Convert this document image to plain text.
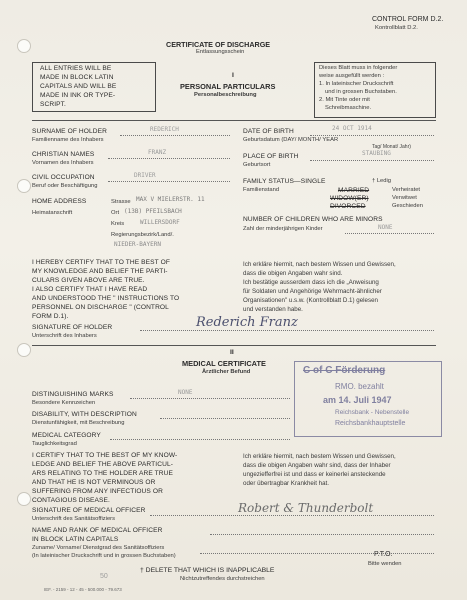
CONTROL FORM D.2.
Kontrollblatt D.2.
CERTIFICATE OF DISCHARGE
Entlassungsschein
ALL ENTRIES WILL BE
MADE IN BLOCK LATIN
CAPITALS AND WILL BE
MADE IN INK OR TYPE-
SCRIPT.
Dieses Blatt muss in folgender
weise ausgefüllt werden :
1. In lateinischer Druckschrift
und in grossen Buchstaben.
2. Mit Tinte oder mit
Schreibmaschine.
I
PERSONAL PARTICULARS
Personalbeschreibung
SURNAME OF HOLDER
Familienname des Inhabers
REDERICH
CHRISTIAN NAMES
Vornamen des Inhabers
FRANZ
CIVIL OCCUPATION
Beruf oder Beschäftigung
DRIVER
HOME ADDRESS
Heimatanschrift
Strasse MAX V MIELERSTR. 11
Ort (13B) PFEILSBACH
Kreis	WILLERSDORF
Regierungsbezirk/Land/.
NIEDER-BAYERN
DATE OF BIRTH
Geburtsdatum (DAY/ MONTH/ YEAR
Tag/ Monat/ Jahr)
24 OCT 1914
PLACE OF BIRTH
Geburtsort
STAUBING
FAMILY STATUS—SINGLE
Familienstand
† Ledig
MARRIED	Verheiratet
WIDOW(ER)	Verwitwet
DIVORCED	Geschieden
NUMBER OF CHILDREN WHO ARE MINORS
Zahl der minderjährigen Kinder	NONE
I HEREBY CERTIFY THAT TO THE BEST OF
MY KNOWLEDGE AND BELIEF THE PARTI-
CULARS GIVEN ABOVE ARE TRUE.
I ALSO CERTIFY THAT I HAVE READ
AND UNDERSTOOD THE " INSTRUCTIONS TO
PERSONNEL ON DISCHARGE " (CONTROL
FORM D.1).
Ich erkläre hiermit, nach bestem Wissen und Gewissen,
dass die obigen Angaben wahr sind.
Ich bestätige ausserdem dass ich die „Anweisung
für Soldaten und Angehörige Wehrmacht-ähnlicher
Organisationen" u.s.w. (Kontrollblatt D.1) gelesen
und verstanden habe.
SIGNATURE OF HOLDER
Unterschrift des Inhabers
Rederich Franz
II
MEDICAL CERTIFICATE
Ärztlicher Befund
DISTINGUISHING MARKS
Besondere Kennzeichen
NONE
DISABILITY, WITH DESCRIPTION
Dienstunfähigkeit, mit Beschreibung
MEDICAL CATEGORY
Tauglichkeitsgrad
C of C Förderung
RMO. bezahlt
am 14. Juli 1947
Reichsbank - Nebenstelle
Reichsbankhauptstelle
I CERTIFY THAT TO THE BEST OF MY KNOW-
LEDGE AND BELIEF THE ABOVE PARTICUL-
ARS RELATING TO THE HOLDER ARE TRUE
AND THAT HE IS NOT VERMINOUS OR
SUFFERING FROM ANY INFECTIOUS OR
CONTAGIOUS DISEASE.
Ich erkläre hiermit, nach bestem Wissen und Gewissen,
dass die obigen Angaben wahr sind, dass der Inhaber
ungeziefferfrei ist und dass er keinerlei ansteckende
oder übertragbar Krankheit hat.
SIGNATURE OF MEDICAL OFFICER
Unterschrift des Sanitätsoffiziers
Robert & Thunderbolt
NAME AND RANK OF MEDICAL OFFICER
IN BLOCK LATIN CAPITALS
Zuname/ Vorname/ Dienstgrad des Sanitätsoffiziers
(In lateinischer Druckschrift und in grossen Buchstaben)	P.T.O.
Bitte wenden
† DELETE THAT WHICH IS INAPPLICABLE
Nichtzutreffendes durchstreichen
50
IEF. - 2159 - 12 - 45 - 500.000 - 79.673
